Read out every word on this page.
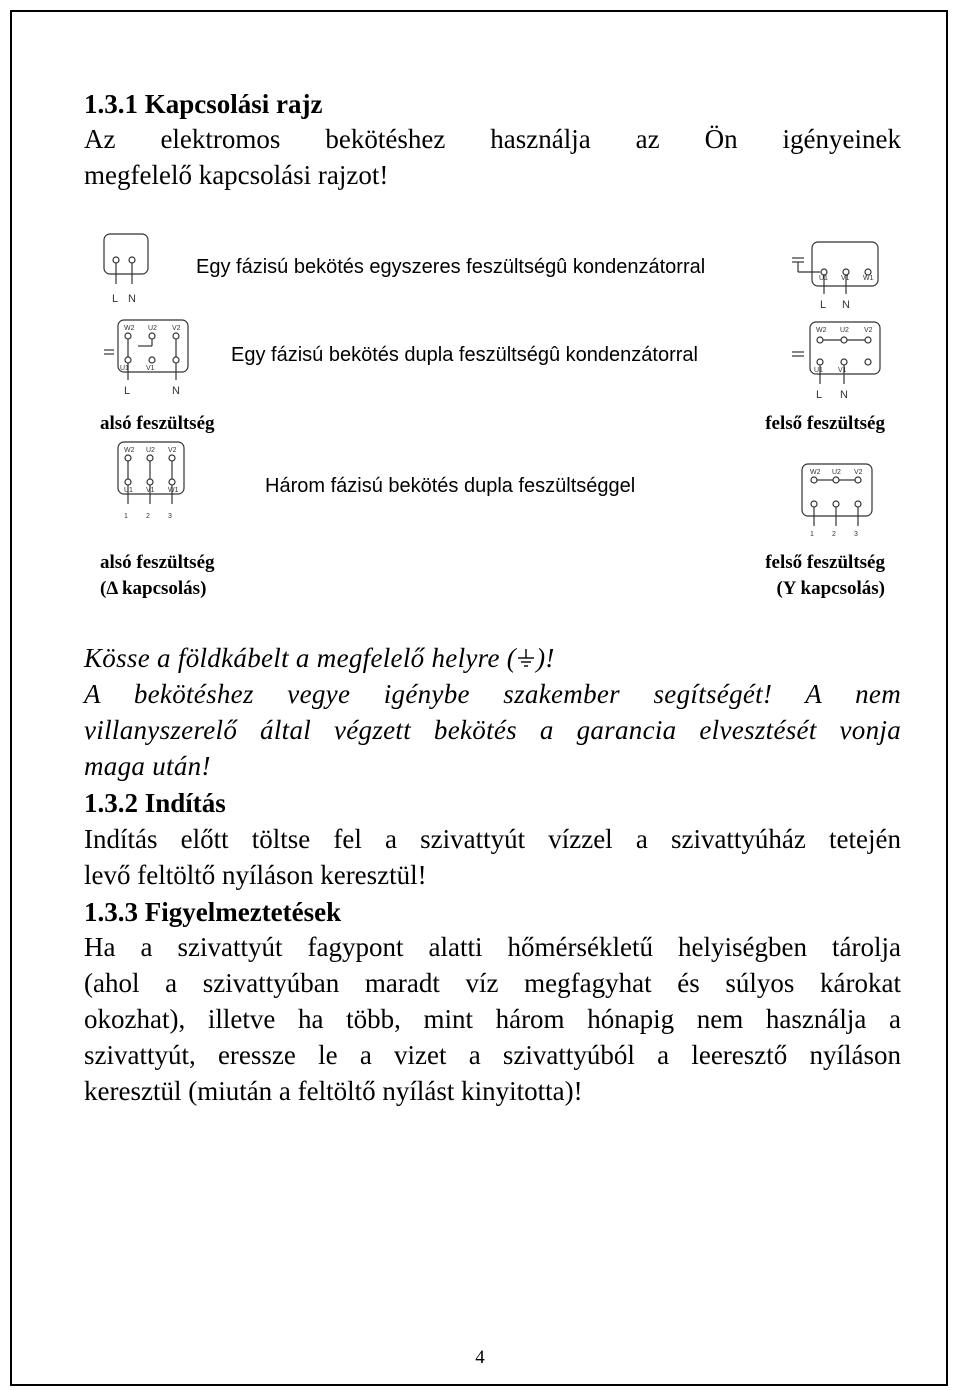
1.3.1 Kapcsolási rajz
Az elektromos bekötéshez használja az Ön igényeinek
megfelelő kapcsolási rajzot!
L N
U1 V1 W1
L N
W2 U2 V2
U1 V1
L	N
W2 U2 V2
U1 V1
L N
W2 U2 V2
U1 V1 W1
1	2	3
W2 U2 V2
1	2	3
Egy fázisú bekötés egyszeres feszültségû kondenzátorral
Egy fázisú bekötés dupla feszültségû kondenzátorral
Három fázisú bekötés dupla feszültséggel
alsó feszültség	felső feszültség
alsó feszültség
(Δ kapcsolás)
felső feszültség
(Y kapcsolás)
Kösse a földkábelt a megfelelő helyre ( )!
A bekötéshez vegye igénybe szakember segítségét! A nem
villanyszerelő által végzett bekötés a garancia elvesztését vonja
maga után!
1.3.2 Indítás
Indítás előtt töltse fel a szivattyút vízzel a szivattyúház tetején
levő feltöltő nyíláson keresztül!
1.3.3 Figyelmeztetések
Ha a szivattyút fagypont alatti hőmérsékletű helyiségben tárolja
(ahol a szivattyúban maradt víz megfagyhat és súlyos károkat
okozhat), illetve ha több, mint három hónapig nem használja a
szivattyút, eressze le a vizet a szivattyúból a leeresztő nyíláson
keresztül (miután a feltöltő nyílást kinyitotta)!
4
